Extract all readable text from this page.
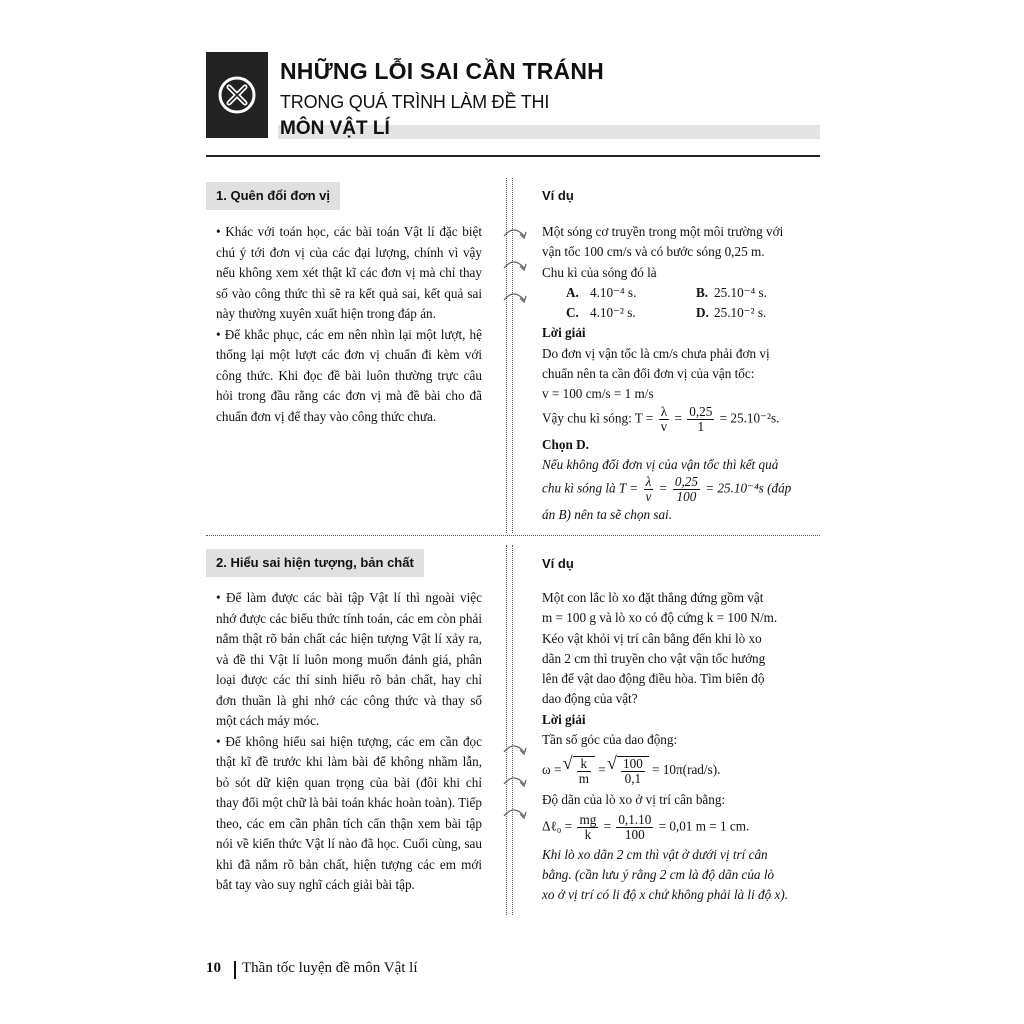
NHỮNG LỖI SAI CẦN TRÁNH
TRONG QUÁ TRÌNH LÀM ĐỀ THI
MÔN VẬT LÍ
1. Quên đổi đơn vị

• Khác với toán học, các bài toán Vật lí đặc biệt chú ý tới đơn vị của các đại lượng, chính vì vậy nếu không xem xét thật kĩ các đơn vị mà chỉ thay số vào công thức thì sẽ ra kết quả sai, kết quả sai này thường xuyên xuất hiện trong đáp án.

• Để khắc phục, các em nên nhìn lại một lượt, hệ thống lại một lượt các đơn vị chuẩn đi kèm với công thức. Khi đọc đề bài luôn thường trực câu hỏi trong đầu rằng các đơn vị mà đề bài cho đã chuẩn đơn vị để thay vào công thức chưa.

Ví dụ
Một sóng cơ truyền trong một môi trường với
vận tốc 100 cm/s và có bước sóng 0,25 m.
Chu kì của sóng đó là
A. 4.10⁻⁴ s.	B. 25.10⁻⁴ s.
C. 4.10⁻² s.	D. 25.10⁻² s.
Lời giải
Do đơn vị vận tốc là cm/s chưa phải đơn vị
chuẩn nên ta cần đổi đơn vị của vận tốc:
v = 100 cm/s = 1 m/s
Vậy chu kì sóng: $T = \frac{\lambda}{v} = \frac{0,25}{1} = 25.10^{-2}s$.
Chọn D.
Nếu không đổi đơn vị của vận tốc thì kết quả
chu kì sóng là $T = \frac{\lambda}{v} = \frac{0,25}{100} = 25.10^{-4}s$ (đáp
án B) nên ta sẽ chọn sai.
2. Hiểu sai hiện tượng, bản chất

• Để làm được các bài tập Vật lí thì ngoài việc nhớ được các biểu thức tính toán, các em còn phải nắm thật rõ bản chất các hiện tượng Vật lí xảy ra, và đề thi Vật lí luôn mong muốn đánh giá, phân loại được các thí sinh hiểu rõ bản chất, hay chỉ đơn thuần là ghi nhớ các công thức và thay số một cách máy móc.

• Để không hiểu sai hiện tượng, các em cần đọc thật kĩ đề trước khi làm bài để không nhầm lẫn, bỏ sót dữ kiện quan trọng của bài (đôi khi chỉ thay đổi một chữ là bài toán khác hoàn toàn). Tiếp theo, các em cần phân tích cẩn thận xem bài tập nói về kiến thức Vật lí nào đã học. Cuối cùng, sau khi đã nắm rõ bản chất, hiện tượng các em mới bắt tay vào suy nghĩ cách giải bài tập.

Ví dụ
Một con lắc lò xo đặt thẳng đứng gồm vật
m = 100 g và lò xo có độ cứng k = 100 N/m.
Kéo vật khỏi vị trí cân bằng đến khi lò xo
dãn 2 cm thì truyền cho vật vận tốc hướng
lên để vật dao động điều hòa. Tìm biên độ
dao động của vật?
Lời giải
Tần số góc của dao động:
ω = √ $\frac{k}{m}$ = √ $\frac{100}{0,1} = 10\pi(rad/s)$.
Độ dãn của lò xo ở vị trí cân bằng:
Δℓ₀ = $\frac{mg}{k} = \frac{0,1.10}{100} = 0,01$ m = 1 cm.
Khi lò xo dãn 2 cm thì vật ở dưới vị trí cân
bằng. (cần lưu ý rằng 2 cm là độ dãn của lò
xo ở vị trí có li độ x chứ không phải là li độ x).
10 Thần tốc luyện đề môn Vật lí
